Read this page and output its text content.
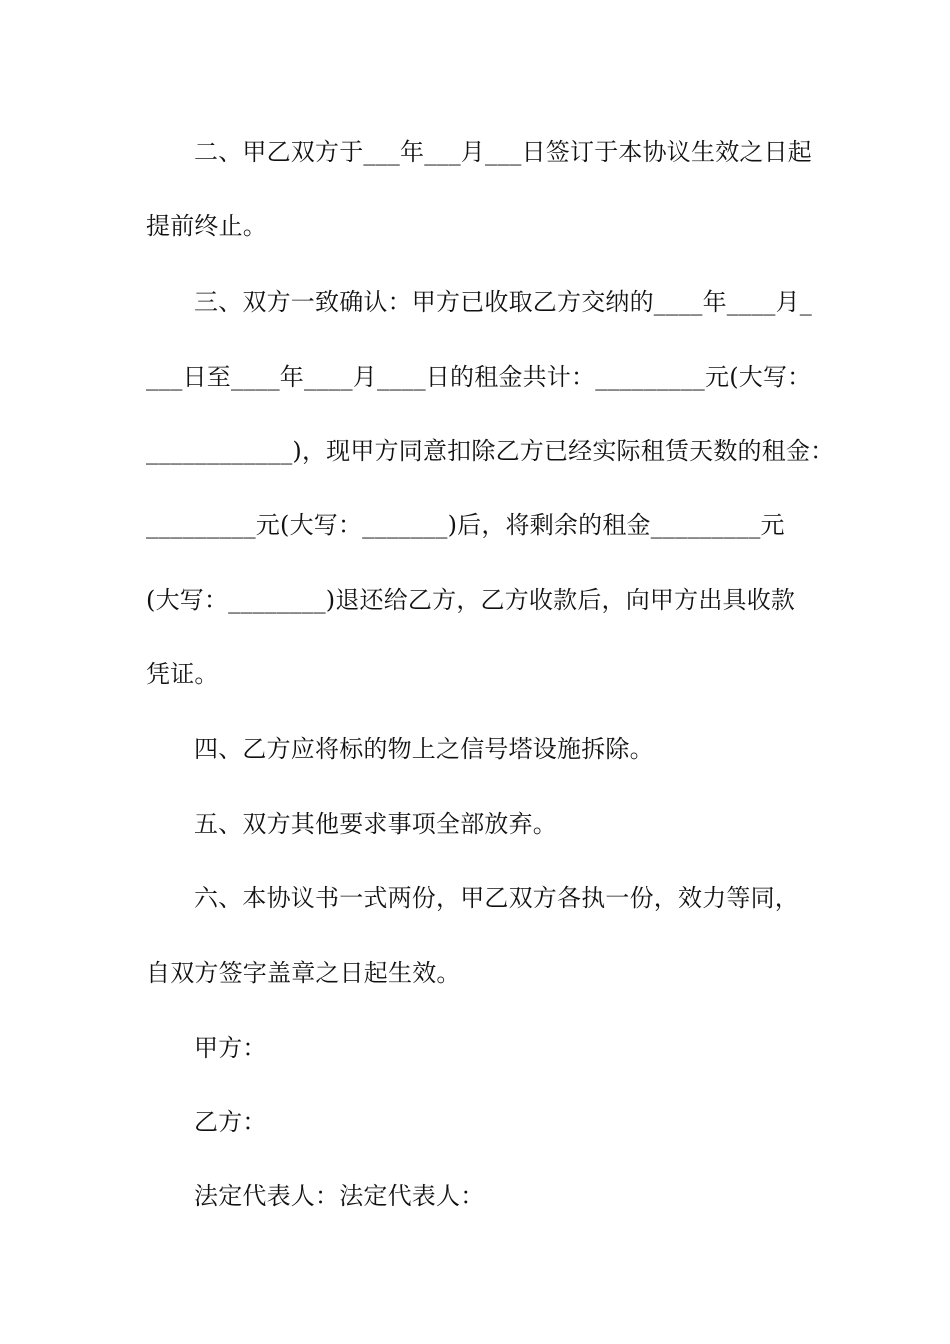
二、甲乙双方于___年___月___日签订于本协议生效之日起
提前终止。
三、双方一致确认：甲方已收取乙方交纳的____年____月_
___日至____年____月____日的租金共计：_________元(大写：
____________)，现甲方同意扣除乙方已经实际租赁天数的租金：
_________元(大写：_______)后，将剩余的租金_________元
(大写：________)退还给乙方，乙方收款后，向甲方出具收款
凭证。
四、乙方应将标的物上之信号塔设施拆除。
五、双方其他要求事项全部放弃。
六、本协议书一式两份，甲乙双方各执一份，效力等同，
自双方签字盖章之日起生效。
甲方：
乙方：
法定代表人：法定代表人：
